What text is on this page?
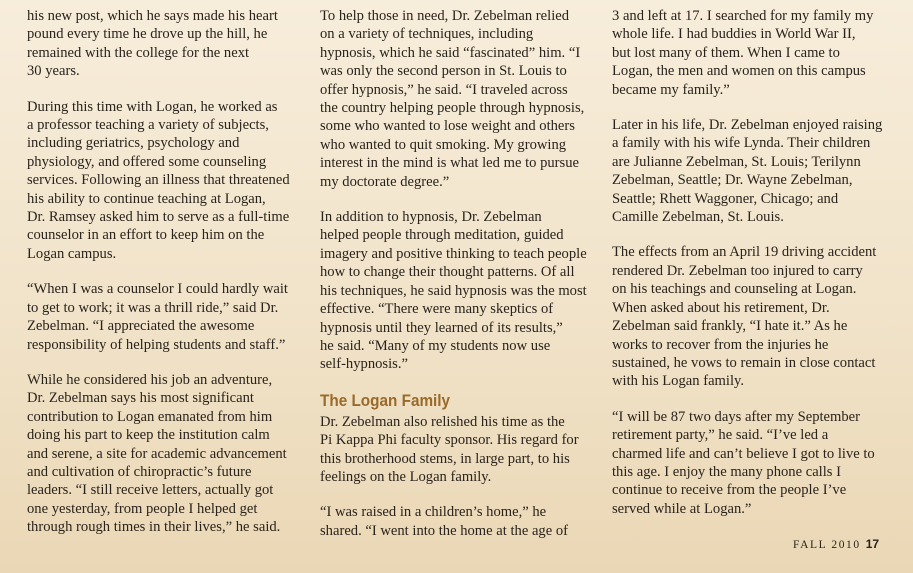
his new post, which he says made his heart
pound every time he drove up the hill, he
remained with the college for the next
30 years.

During this time with Logan, he worked as
a professor teaching a variety of subjects,
including geriatrics, psychology and
physiology, and offered some counseling
services. Following an illness that threatened
his ability to continue teaching at Logan,
Dr. Ramsey asked him to serve as a full-time
counselor in an effort to keep him on the
Logan campus.

“When I was a counselor I could hardly wait
to get to work; it was a thrill ride,” said Dr.
Zebelman. “I appreciated the awesome
responsibility of helping students and staff.”

While he considered his job an adventure,
Dr. Zebelman says his most significant
contribution to Logan emanated from him
doing his part to keep the institution calm
and serene, a site for academic advancement
and cultivation of chiropractic’s future
leaders. “I still receive letters, actually got
one yesterday, from people I helped get
through rough times in their lives,” he said.

To help those in need, Dr. Zebelman relied
on a variety of techniques, including
hypnosis, which he said “fascinated” him. “I
was only the second person in St. Louis to
offer hypnosis,” he said. “I traveled across
the country helping people through hypnosis,
some who wanted to lose weight and others
who wanted to quit smoking. My growing
interest in the mind is what led me to pursue
my doctorate degree.”

In addition to hypnosis, Dr. Zebelman
helped people through meditation, guided
imagery and positive thinking to teach people
how to change their thought patterns. Of all
his techniques, he said hypnosis was the most
effective. “There were many skeptics of
hypnosis until they learned of its results,”
he said. “Many of my students now use
self-hypnosis.”

The Logan Family

Dr. Zebelman also relished his time as the
Pi Kappa Phi faculty sponsor. His regard for
this brotherhood stems, in large part, to his
feelings on the Logan family.

“I was raised in a children’s home,” he
shared. “I went into the home at the age of

3 and left at 17. I searched for my family my
whole life. I had buddies in World War II,
but lost many of them. When I came to
Logan, the men and women on this campus
became my family.”

Later in his life, Dr. Zebelman enjoyed raising
a family with his wife Lynda. Their children
are Julianne Zebelman, St. Louis; Terilynn
Zebelman, Seattle; Dr. Wayne Zebelman,
Seattle; Rhett Waggoner, Chicago; and
Camille Zebelman, St. Louis.

The effects from an April 19 driving accident
rendered Dr. Zebelman too injured to carry
on his teachings and counseling at Logan.
When asked about his retirement, Dr.
Zebelman said frankly, “I hate it.” As he
works to recover from the injuries he
sustained, he vows to remain in close contact
with his Logan family.

“I will be 87 two days after my September
retirement party,” he said. “I’ve led a
charmed life and can’t believe I got to live to
this age. I enjoy the many phone calls I
continue to receive from the people I’ve
served while at Logan.”

FALL 2010 17
